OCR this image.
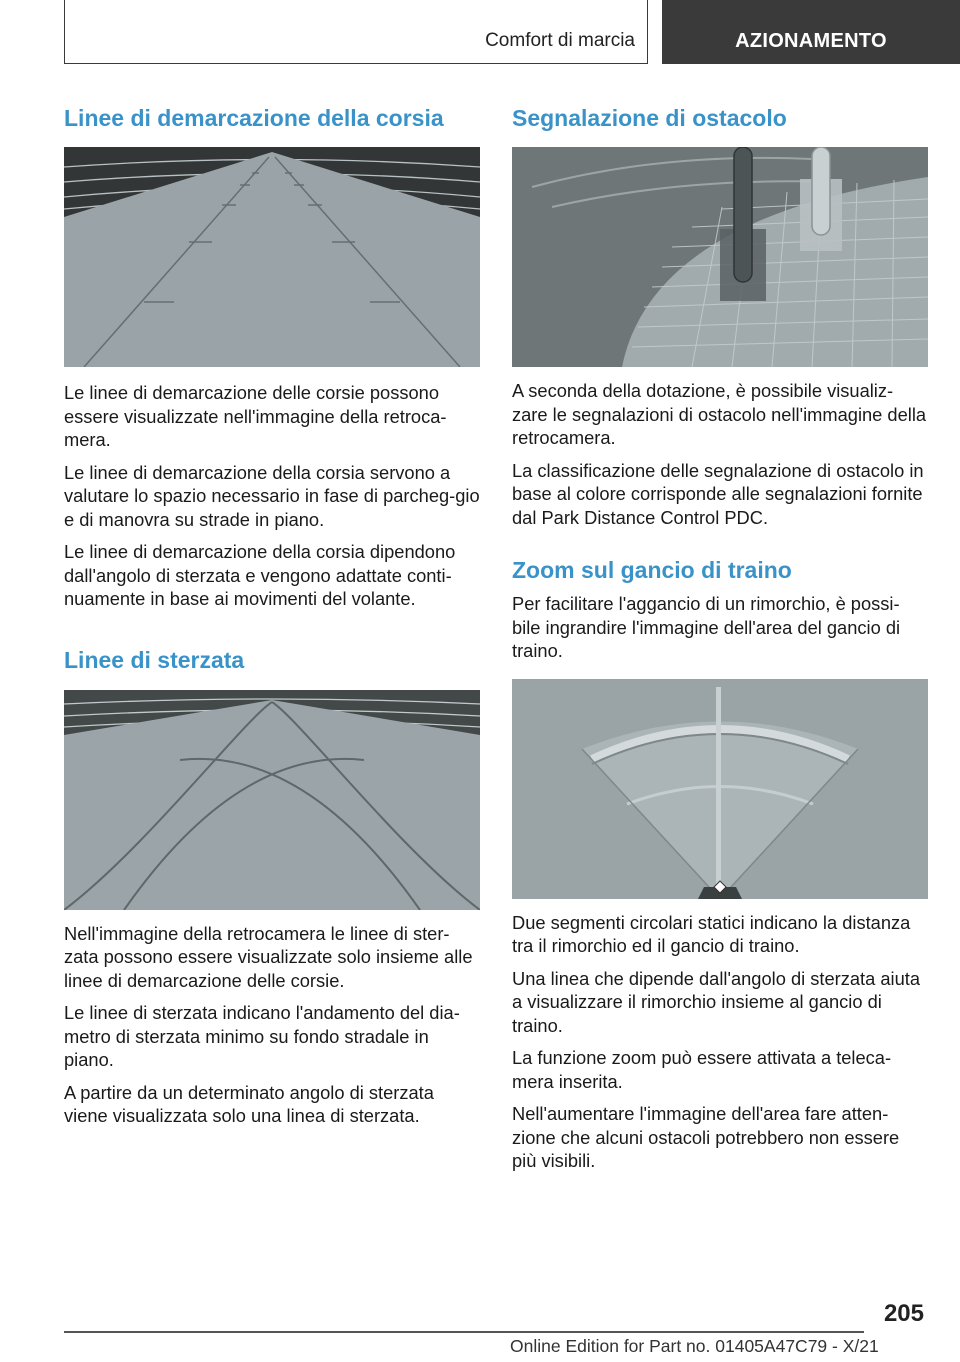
Comfort di marcia	AZIONAMENTO
Linee di demarcazione della corsia

Le linee di demarcazione delle corsie possono essere visualizzate nell'immagine della retroca-mera.

Le linee di demarcazione della corsia servono a valutare lo spazio necessario in fase di parcheg-gio e di manovra su strade in piano.

Le linee di demarcazione della corsia dipendono dall'angolo di sterzata e vengono adattate conti-nuamente in base ai movimenti del volante.

Linee di sterzata

Nell'immagine della retrocamera le linee di ster-zata possono essere visualizzate solo insieme alle linee di demarcazione delle corsie.

Le linee di sterzata indicano l'andamento del dia-metro di sterzata minimo su fondo stradale in piano.

A partire da un determinato angolo di sterzata viene visualizzata solo una linea di sterzata.

Segnalazione di ostacolo

A seconda della dotazione, è possibile visualiz-zare le segnalazioni di ostacolo nell'immagine della retrocamera.

La classificazione delle segnalazione di ostacolo in base al colore corrisponde alle segnalazioni fornite dal Park Distance Control PDC.

Zoom sul gancio di traino

Per facilitare l'aggancio di un rimorchio, è possi-bile ingrandire l'immagine dell'area del gancio di traino.

Due segmenti circolari statici indicano la distanza tra il rimorchio ed il gancio di traino.

Una linea che dipende dall'angolo di sterzata aiuta a visualizzare il rimorchio insieme al gancio di traino.

La funzione zoom può essere attivata a teleca-mera inserita.

Nell'aumentare l'immagine dell'area fare atten-zione che alcuni ostacoli potrebbero non essere più visibili.

205
Online Edition for Part no. 01405A47C79 - X/21
